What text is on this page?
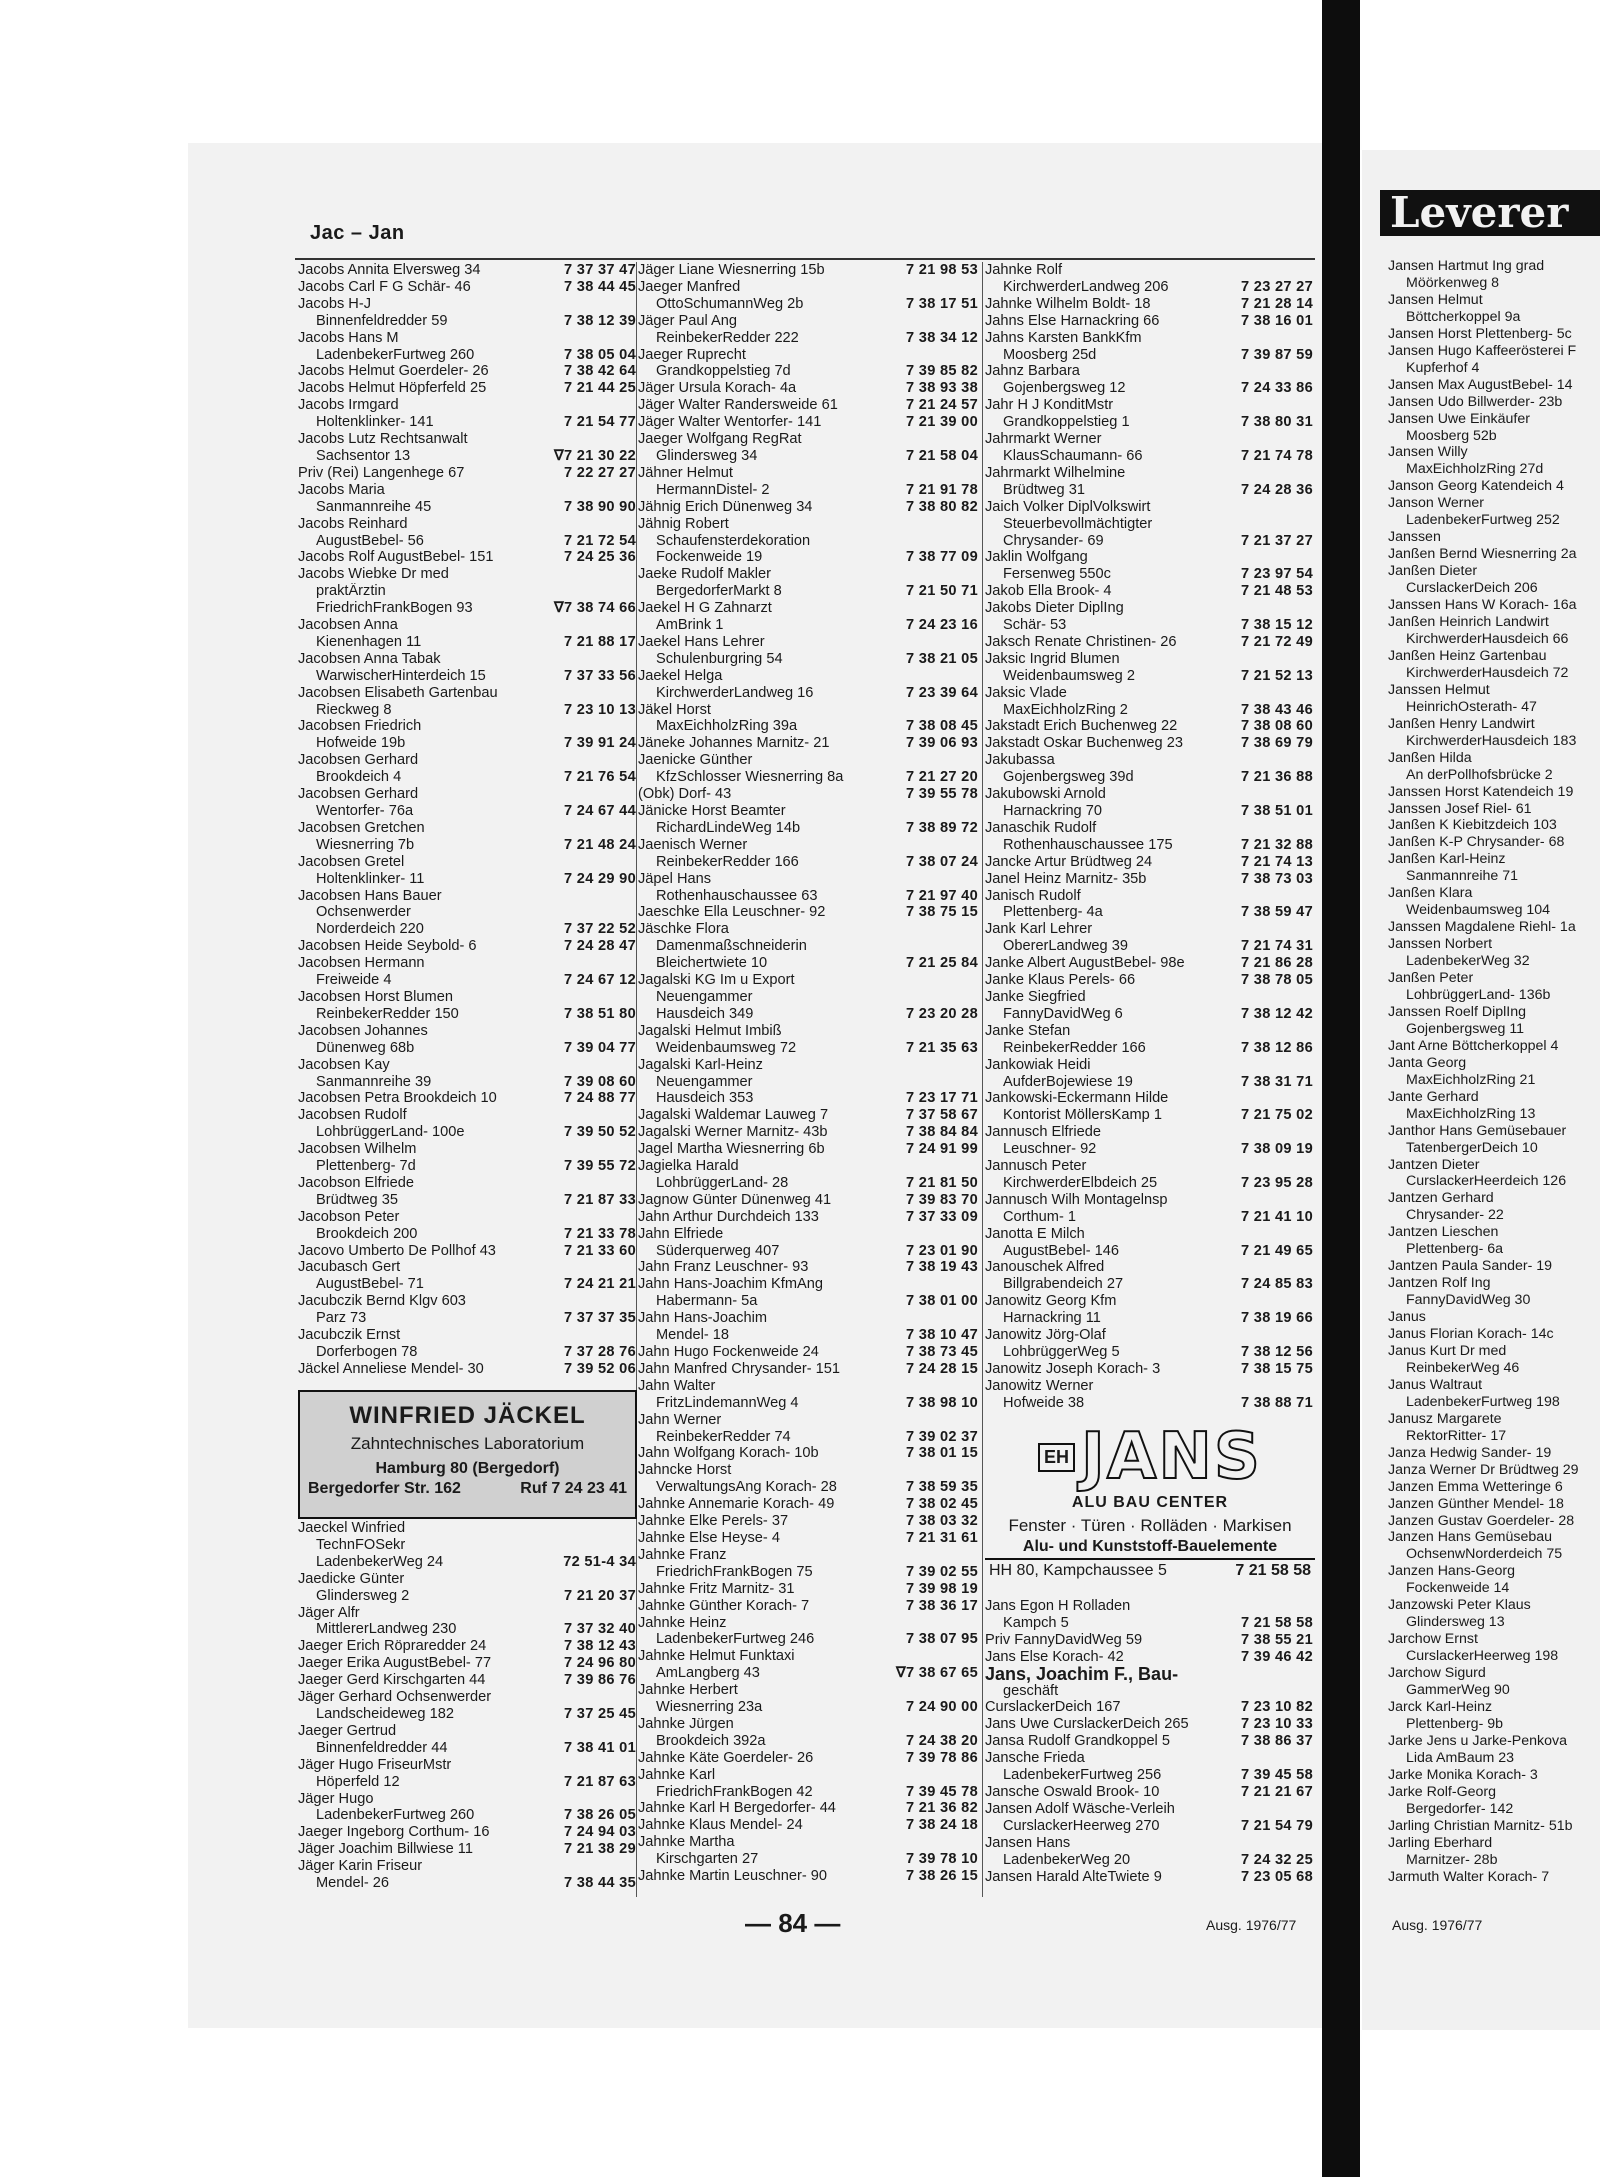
Jac – Jan
Jacobs Annita Elversweg 34	7 37 37 47
Jacobs Carl F G Schär- 46	7 38 44 45
Jacobs H-J
Binnenfeldredder 59	7 38 12 39
Jacobs Hans M
LadenbekerFurtweg 260	7 38 05 04
Jacobs Helmut Goerdeler- 26	7 38 42 64
Jacobs Helmut Höpferfeld 25	7 21 44 25
Jacobs Irmgard
Holtenklinker- 141	7 21 54 77
Jacobs Lutz Rechtsanwalt
Sachsentor 13	∇7 21 30 22
Priv (Rei) Langenhege 67	7 22 27 27
Jacobs Maria
Sanmannreihe 45	7 38 90 90
Jacobs Reinhard
AugustBebel- 56	7 21 72 54
Jacobs Rolf AugustBebel- 151	7 24 25 36
Jacobs Wiebke Dr med
praktÄrztin
FriedrichFrankBogen 93	∇7 38 74 66
Jacobsen Anna
Kienenhagen 11	7 21 88 17
Jacobsen Anna Tabak
WarwischerHinterdeich 15	7 37 33 56
Jacobsen Elisabeth Gartenbau
Rieckweg 8	7 23 10 13
Jacobsen Friedrich
Hofweide 19b	7 39 91 24
Jacobsen Gerhard
Brookdeich 4	7 21 76 54
Jacobsen Gerhard
Wentorfer- 76a	7 24 67 44
Jacobsen Gretchen
Wiesnerring 7b	7 21 48 24
Jacobsen Gretel
Holtenklinker- 11	7 24 29 90
Jacobsen Hans Bauer
Ochsenwerder
Norderdeich 220	7 37 22 52
Jacobsen Heide Seybold- 6	7 24 28 47
Jacobsen Hermann
Freiweide 4	7 24 67 12
Jacobsen Horst Blumen
ReinbekerRedder 150	7 38 51 80
Jacobsen Johannes
Dünenweg 68b	7 39 04 77
Jacobsen Kay
Sanmannreihe 39	7 39 08 60
Jacobsen Petra Brookdeich 10	7 24 88 77
Jacobsen Rudolf
LohbrüggerLand- 100e	7 39 50 52
Jacobsen Wilhelm
Plettenberg- 7d	7 39 55 72
Jacobson Elfriede
Brüdtweg 35	7 21 87 33
Jacobson Peter
Brookdeich 200	7 21 33 78
Jacovo Umberto De Pollhof 43	7 21 33 60
Jacubasch Gert
AugustBebel- 71	7 24 21 21
Jacubczik Bernd Klgv 603
Parz 73	7 37 37 35
Jacubczik Ernst
Dorferbogen 78	7 37 28 76
Jäckel Anneliese Mendel- 30	7 39 52 06
Jäger Liane Wiesnerring 15b	7 21 98 53
Jaeger Manfred
OttoSchumannWeg 2b	7 38 17 51
Jäger Paul Ang
ReinbekerRedder 222	7 38 34 12
Jaeger Ruprecht
Grandkoppelstieg 7d	7 39 85 82
Jäger Ursula Korach- 4a	7 38 93 38
Jäger Walter Randersweide 61	7 21 24 57
Jäger Walter Wentorfer- 141	7 21 39 00
Jaeger Wolfgang RegRat
Glindersweg 34	7 21 58 04
Jähner Helmut
HermannDistel- 2	7 21 91 78
Jähnig Erich Dünenweg 34	7 38 80 82
Jähnig Robert
Schaufensterdekoration
Fockenweide 19	7 38 77 09
Jaeke Rudolf Makler
BergedorferMarkt 8	7 21 50 71
Jaekel H G Zahnarzt
AmBrink 1	7 24 23 16
Jaekel Hans Lehrer
Schulenburgring 54	7 38 21 05
Jaekel Helga
KirchwerderLandweg 16	7 23 39 64
Jäkel Horst
MaxEichholzRing 39a	7 38 08 45
Jäneke Johannes Marnitz- 21	7 39 06 93
Jaenicke Günther
KfzSchlosser Wiesnerring 8a	7 21 27 20
(Obk) Dorf- 43	7 39 55 78
Jänicke Horst Beamter
RichardLindeWeg 14b	7 38 89 72
Jaenisch Werner
ReinbekerRedder 166	7 38 07 24
Jäpel Hans
Rothenhauschaussee 63	7 21 97 40
Jaeschke Ella Leuschner- 92	7 38 75 15
Jäschke Flora
Damenmaßschneiderin
Bleichertwiete 10	7 21 25 84
Jagalski KG Im u Export
Neuengammer
Hausdeich 349	7 23 20 28
Jagalski Helmut Imbiß
Weidenbaumsweg 72	7 21 35 63
Jagalski Karl-Heinz
Neuengammer
Hausdeich 353	7 23 17 71
Jagalski Waldemar Lauweg 7	7 37 58 67
Jagalski Werner Marnitz- 43b	7 38 84 84
Jagel Martha Wiesnerring 6b	7 24 91 99
Jagielka Harald
LohbrüggerLand- 28	7 21 81 50
Jagnow Günter Dünenweg 41	7 39 83 70
Jahn Arthur Durchdeich 133	7 37 33 09
Jahn Elfriede
Süderquerweg 407	7 23 01 90
Jahn Franz Leuschner- 93	7 38 19 43
Jahn Hans-Joachim KfmAng
Habermann- 5a	7 38 01 00
Jahn Hans-Joachim
Mendel- 18	7 38 10 47
Jahn Hugo Fockenweide 24	7 38 73 45
Jahn Manfred Chrysander- 151	7 24 28 15
Jahn Walter
FritzLindemannWeg 4	7 38 98 10
Jahn Werner
ReinbekerRedder 74	7 39 02 37
Jahn Wolfgang Korach- 10b	7 38 01 15
Jahncke Horst
VerwaltungsAng Korach- 28	7 38 59 35
Jahnke Annemarie Korach- 49	7 38 02 45
Jahnke Elke Perels- 37	7 38 03 32
Jahnke Else Heyse- 4	7 21 31 61
Jahnke Franz
FriedrichFrankBogen 75	7 39 02 55
Jahnke Fritz Marnitz- 31	7 39 98 19
Jahnke Günther Korach- 7	7 38 36 17
Jahnke Heinz
LadenbekerFurtweg 246	7 38 07 95
Jahnke Helmut Funktaxi
AmLangberg 43	∇7 38 67 65
Jahnke Herbert
Wiesnerring 23a	7 24 90 00
Jahnke Jürgen
Brookdeich 392a	7 24 38 20
Jahnke Käte Goerdeler- 26	7 39 78 86
Jahnke Karl
FriedrichFrankBogen 42	7 39 45 78
Jahnke Karl H Bergedorfer- 44	7 21 36 82
Jahnke Klaus Mendel- 24	7 38 24 18
Jahnke Martha
Kirschgarten 27	7 39 78 10
Jahnke Martin Leuschner- 90	7 38 26 15
Jahnke Rolf
KirchwerderLandweg 206	7 23 27 27
Jahnke Wilhelm Boldt- 18	7 21 28 14
Jahns Else Harnackring 66	7 38 16 01
Jahns Karsten BankKfm
Moosberg 25d	7 39 87 59
Jahnz Barbara
Gojenbergsweg 12	7 24 33 86
Jahr H J KonditMstr
Grandkoppelstieg 1	7 38 80 31
Jahrmarkt Werner
KlausSchaumann- 66	7 21 74 78
Jahrmarkt Wilhelmine
Brüdtweg 31	7 24 28 36
Jaich Volker DiplVolkswirt
Steuerbevollmächtigter
Chrysander- 69	7 21 37 27
Jaklin Wolfgang
Fersenweg 550c	7 23 97 54
Jakob Ella Brook- 4	7 21 48 53
Jakobs Dieter DiplIng
Schär- 53	7 38 15 12
Jaksch Renate Christinen- 26	7 21 72 49
Jaksic Ingrid Blumen
Weidenbaumsweg 2	7 21 52 13
Jaksic Vlade
MaxEichholzRing 2	7 38 43 46
Jakstadt Erich Buchenweg 22	7 38 08 60
Jakstadt Oskar Buchenweg 23	7 38 69 79
Jakubassa
Gojenbergsweg 39d	7 21 36 88
Jakubowski Arnold
Harnackring 70	7 38 51 01
Janaschik Rudolf
Rothenhauschaussee 175	7 21 32 88
Jancke Artur Brüdtweg 24	7 21 74 13
Janel Heinz Marnitz- 35b	7 38 73 03
Janisch Rudolf
Plettenberg- 4a	7 38 59 47
Jank Karl Lehrer
ObererLandweg 39	7 21 74 31
Janke Albert AugustBebel- 98e	7 21 86 28
Janke Klaus Perels- 66	7 38 78 05
Janke Siegfried
FannyDavidWeg 6	7 38 12 42
Janke Stefan
ReinbekerRedder 166	7 38 12 86
Jankowiak Heidi
AufderBojewiese 19	7 38 31 71
Jankowski-Eckermann Hilde
Kontorist MöllersKamp 1	7 21 75 02
Jannusch Elfriede
Leuschner- 92	7 38 09 19
Jannusch Peter
KirchwerderElbdeich 25	7 23 95 28
Jannusch Wilh Montagelnsp
Corthum- 1	7 21 41 10
Janotta E Milch
AugustBebel- 146	7 21 49 65
Janouschek Alfred
Billgrabendeich 27	7 24 85 83
Janowitz Georg Kfm
Harnackring 11	7 38 19 66
Janowitz Jörg-Olaf
LohbrüggerWeg 5	7 38 12 56
Janowitz Joseph Korach- 3	7 38 15 75
Janowitz Werner
Hofweide 38	7 38 88 71
WINFRIED JÄCKEL
Zahntechnisches Laboratorium
Hamburg 80 (Bergedorf)
Bergedorfer Str. 162	Ruf 7 24 23 41
Jaeckel Winfried
TechnFOSekr
LadenbekerWeg 24	72 51-4 34
Jaedicke Günter
Glindersweg 2	7 21 20 37
Jäger Alfr
MittlererLandweg 230	7 37 32 40
Jaeger Erich Röpraredder 24	7 38 12 43
Jaeger Erika AugustBebel- 77	7 24 96 80
Jaeger Gerd Kirschgarten 44	7 39 86 76
Jäger Gerhard Ochsenwerder
Landscheideweg 182	7 37 25 45
Jaeger Gertrud
Binnenfeldredder 44	7 38 41 01
Jäger Hugo FriseurMstr
Höperfeld 12	7 21 87 63
Jäger Hugo
LadenbekerFurtweg 260	7 38 26 05
Jaeger Ingeborg Corthum- 16	7 24 94 03
Jäger Joachim Billwiese 11	7 21 38 29
Jäger Karin Friseur
Mendel- 26	7 38 44 35
EH JANS
ALU BAU CENTER
Fenster · Türen · Rolläden · Markisen
Alu- und Kunststoff-Bauelemente
HH 80, Kampchaussee 5	7 21 58 58
Jans Egon H Rolladen
Kampch 5	7 21 58 58
Priv FannyDavidWeg 59	7 38 55 21
Jans Else Korach- 42	7 39 46 42
Jans, Joachim F., Bau-
geschäft
CurslackerDeich 167	7 23 10 82
Jans Uwe CurslackerDeich 265	7 23 10 33
Jansa Rudolf Grandkoppel 5	7 38 86 37
Jansche Frieda
LadenbekerFurtweg 256	7 39 45 58
Jansche Oswald Brook- 10	7 21 21 67
Jansen Adolf Wäsche-Verleih
CurslackerHeerweg 270	7 21 54 79
Jansen Hans
LadenbekerWeg 20	7 24 32 25
Jansen Harald AlteTwiete 9	7 23 05 68
— 84 —	Ausg. 1976/77
Leverer
Jansen Hartmut Ing grad
Möörkenweg 8
Jansen Helmut
Böttcherkoppel 9a
Jansen Horst Plettenberg- 5c
Jansen Hugo Kaffeerösterei F
Kupferhof 4
Jansen Max AugustBebel- 14
Jansen Udo Billwerder- 23b
Jansen Uwe Einkäufer
Moosberg 52b
Jansen Willy
MaxEichholzRing 27d
Janson Georg Katendeich 4
Janson Werner
LadenbekerFurtweg 252
Janssen
Janßen Bernd Wiesnerring 2a
Janßen Dieter
CurslackerDeich 206
Janssen Hans W Korach- 16a
Janßen Heinrich Landwirt
KirchwerderHausdeich 66
Janßen Heinz Gartenbau
KirchwerderHausdeich 72
Janssen Helmut
HeinrichOsterath- 47
Janßen Henry Landwirt
KirchwerderHausdeich 183
Janßen Hilda
An derPollhofsbrücke 2
Janssen Horst Katendeich 19
Janssen Josef Riel- 61
Janßen K Kiebitzdeich 103
Janßen K-P Chrysander- 68
Janßen Karl-Heinz
Sanmannreihe 71
Janßen Klara
Weidenbaumsweg 104
Janssen Magdalene Riehl- 1a
Janssen Norbert
LadenbekerWeg 32
Janßen Peter
LohbrüggerLand- 136b
Janssen Roelf DiplIng
Gojenbergsweg 11
Jant Arne Böttcherkoppel 4
Janta Georg
MaxEichholzRing 21
Jante Gerhard
MaxEichholzRing 13
Janthor Hans Gemüsebauer
TatenbergerDeich 10
Jantzen Dieter
CurslackerHeerdeich 126
Jantzen Gerhard
Chrysander- 22
Jantzen Lieschen
Plettenberg- 6a
Jantzen Paula Sander- 19
Jantzen Rolf Ing
FannyDavidWeg 30
Janus
Janus Florian Korach- 14c
Janus Kurt Dr med
ReinbekerWeg 46
Janus Waltraut
LadenbekerFurtweg 198
Janusz Margarete
RektorRitter- 17
Janza Hedwig Sander- 19
Janza Werner Dr Brüdtweg 29
Janzen Emma Wetteringe 6
Janzen Günther Mendel- 18
Janzen Gustav Goerdeler- 28
Janzen Hans Gemüsebau
OchsenwNorderdeich 75
Janzen Hans-Georg
Fockenweide 14
Janzowski Peter Klaus
Glindersweg 13
Jarchow Ernst
CurslackerHeerweg 198
Jarchow Sigurd
GammerWeg 90
Jarck Karl-Heinz
Plettenberg- 9b
Jarke Jens u Jarke-Penkova
Lida AmBaum 23
Jarke Monika Korach- 3
Jarke Rolf-Georg
Bergedorfer- 142
Jarling Christian Marnitz- 51b
Jarling Eberhard
Marnitzer- 28b
Jarmuth Walter Korach- 7
Ausg. 1976/77
